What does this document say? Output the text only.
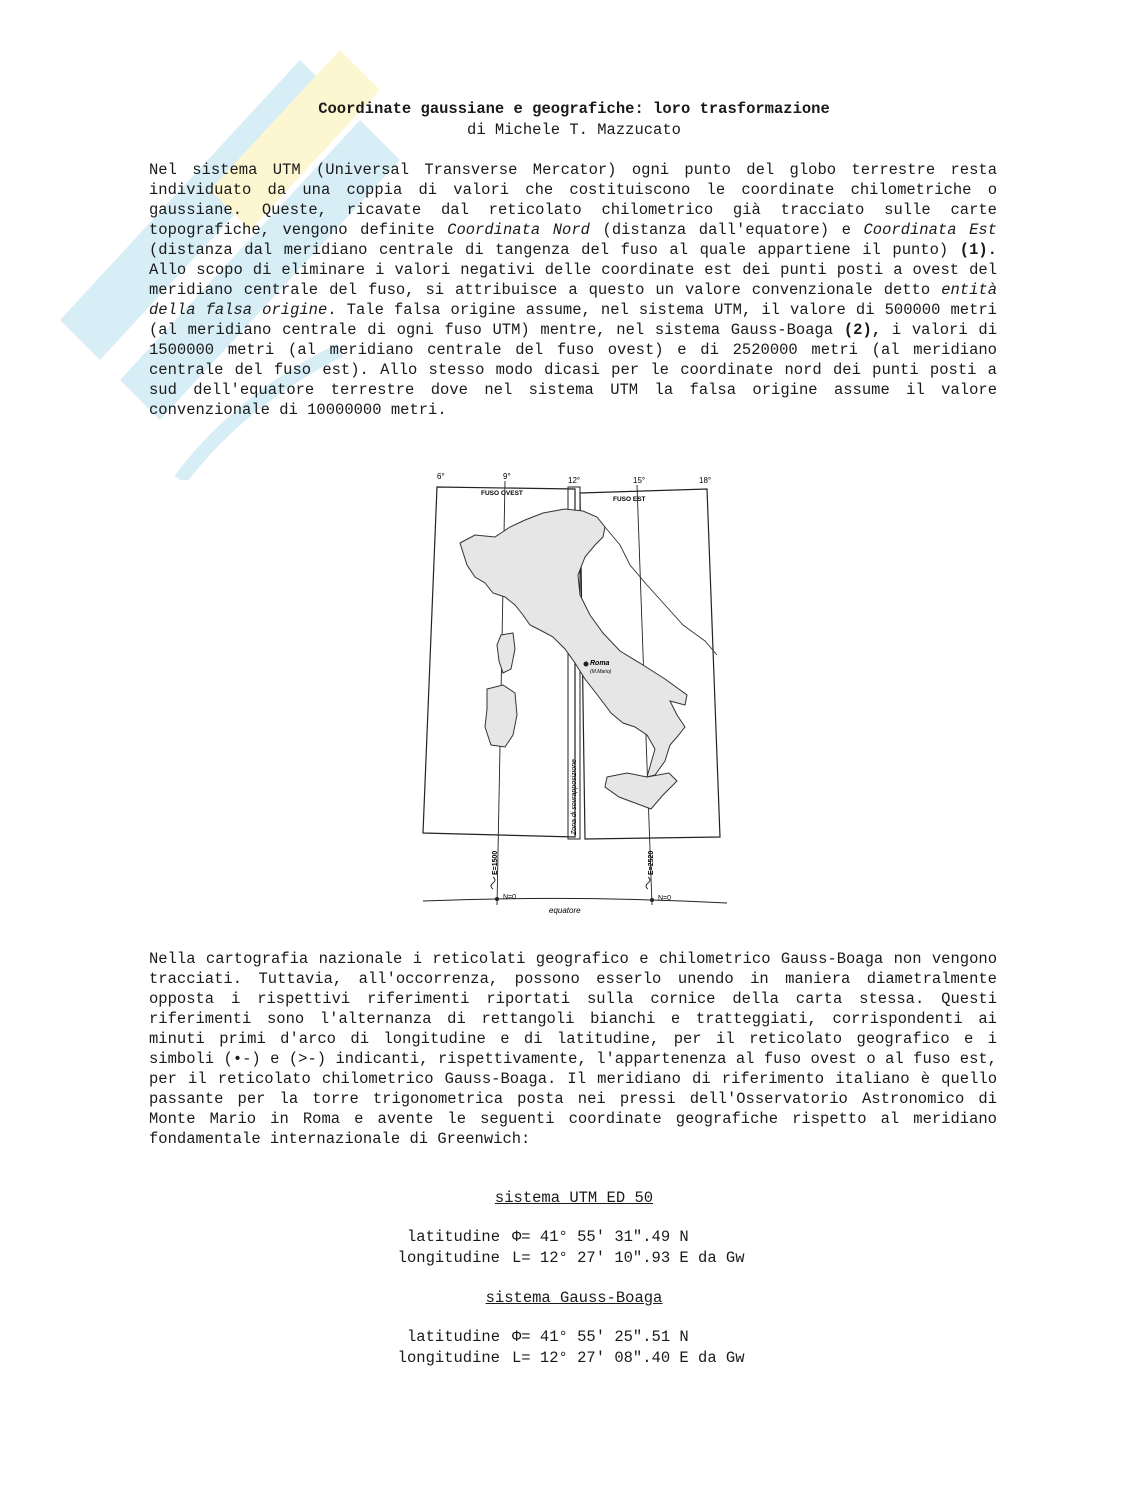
Coordinate gaussiane e geografiche: loro trasformazione
di Michele T. Mazzucato

Nel sistema UTM (Universal Transverse Mercator) ogni punto del globo terrestre resta individuato da una coppia di valori che costituiscono le coordinate chilometriche o gaussiane. Queste, ricavate dal reticolato chilometrico già tracciato sulle carte topografiche, vengono definite Coordinata Nord (distanza dall'equatore) e Coordinata Est (distanza dal meridiano centrale di tangenza del fuso al quale appartiene il punto) (1). Allo scopo di eliminare i valori negativi delle coordinate est dei punti posti a ovest del meridiano centrale del fuso, si attribuisce a questo un valore convenzionale detto entità della falsa origine. Tale falsa origine assume, nel sistema UTM, il valore di 500000 metri (al meridiano centrale di ogni fuso UTM) mentre, nel sistema Gauss-Boaga (2), i valori di 1500000 metri (al meridiano centrale del fuso ovest) e di 2520000 metri (al meridiano centrale del fuso est). Allo stesso modo dicasi per le coordinate nord dei punti posti a sud dell'equatore terrestre dove nel sistema UTM la falsa origine assume il valore convenzionale di 10000000 metri.

6°	9°	12°	15°	18°
FUSO OVEST
FUSO EST
Zona di sovrapposizione
Roma
(M.Mario)
E=1500	E=2520
N=0	N=0
equatore

Nella cartografia nazionale i reticolati geografico e chilometrico Gauss-Boaga non vengono tracciati. Tuttavia, all'occorrenza, possono esserlo unendo in maniera diametralmente opposta i rispettivi riferimenti riportati sulla cornice della carta stessa. Questi riferimenti sono l'alternanza di rettangoli bianchi e tratteggiati, corrispondenti ai minuti primi d'arco di longitudine e di latitudine, per il reticolato geografico e i simboli (•-) e (>-) indicanti, rispettivamente, l'appartenenza al fuso ovest o al fuso est, per il reticolato chilometrico Gauss-Boaga. Il meridiano di riferimento italiano è quello passante per la torre trigonometrica posta nei pressi dell'Osservatorio Astronomico di Monte Mario in Roma e avente le seguenti coordinate geografiche rispetto al meridiano fondamentale internazionale di Greenwich:

sistema UTM ED 50
latitudine Φ= 41° 55′ 31″.49 N
longitudine L= 12° 27′ 10″.93 E da Gw
sistema Gauss-Boaga
latitudine Φ= 41° 55′ 25″.51 N
longitudine L= 12° 27′ 08″.40 E da Gw
